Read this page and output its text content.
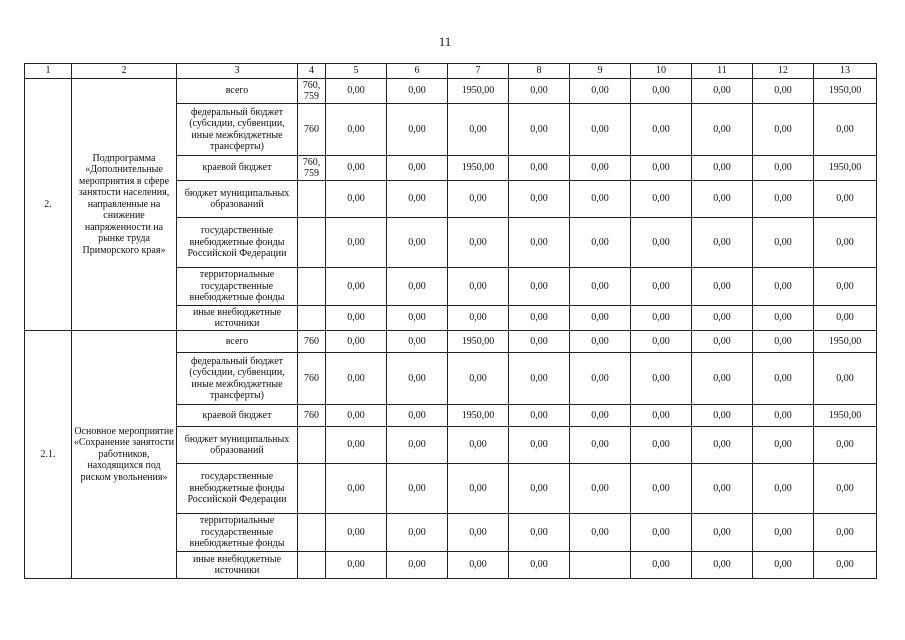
11
1	2	3	4	5	6	7	8	9	10	11	12	13
2.	Подпрограмма «Дополнительные мероприятия в сфере занятости населения, направленные на снижение напряженности на рынке труда Приморского края»	всего	760, 759	0,00	0,00	1950,00	0,00	0,00	0,00	0,00	0,00	1950,00
		федеральный бюджет (субсидии, субвенции, иные межбюджетные трансферты)	760	0,00	0,00	0,00	0,00	0,00	0,00	0,00	0,00	0,00
		краевой бюджет	760, 759	0,00	0,00	1950,00	0,00	0,00	0,00	0,00	0,00	1950,00
		бюджет муниципальных образований		0,00	0,00	0,00	0,00	0,00	0,00	0,00	0,00	0,00
		государственные внебюджетные фонды Российской Федерации		0,00	0,00	0,00	0,00	0,00	0,00	0,00	0,00	0,00
		территориальные государственные внебюджетные фонды		0,00	0,00	0,00	0,00	0,00	0,00	0,00	0,00	0,00
		иные внебюджетные источники		0,00	0,00	0,00	0,00	0,00	0,00	0,00	0,00	0,00
2.1.	Основное мероприятие «Сохранение занятости работников, находящихся под риском увольнения»	всего	760	0,00	0,00	1950,00	0,00	0,00	0,00	0,00	0,00	1950,00
		федеральный бюджет (субсидии, субвенции, иные межбюджетные трансферты)	760	0,00	0,00	0,00	0,00	0,00	0,00	0,00	0,00	0,00
		краевой бюджет	760	0,00	0,00	1950,00	0,00	0,00	0,00	0,00	0,00	1950,00
		бюджет муниципальных образований		0,00	0,00	0,00	0,00	0,00	0,00	0,00	0,00	0,00
		государственные внебюджетные фонды Российской Федерации		0,00	0,00	0,00	0,00	0,00	0,00	0,00	0,00	0,00
		территориальные государственные внебюджетные фонды		0,00	0,00	0,00	0,00	0,00	0,00	0,00	0,00	0,00
		иные внебюджетные источники		0,00	0,00	0,00	0,00		0,00	0,00	0,00	0,00
